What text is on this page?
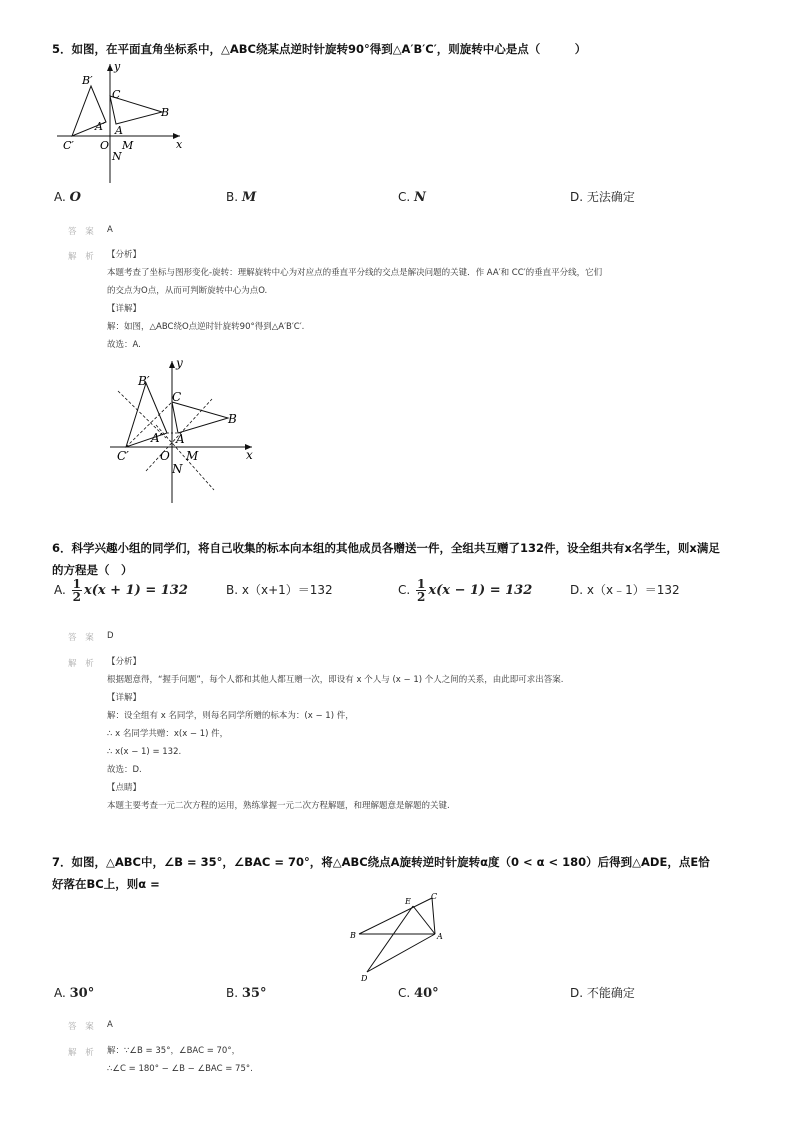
5．如图，在平面直角坐标系中，△ABC绕某点逆时针旋转90°得到△A′B′C′，则旋转中心是点（　　　）
y
x
B′
C
B
A′ A
C′ O M
N
A. O	B. M	C. N	D. 无法确定
答 案 A
解 析 【分析】
本题考查了坐标与图形变化-旋转：理解旋转中心为对应点的垂直平分线的交点是解决问题的关键．作 AA′和 CC′的垂直平分线，它们
的交点为O点，从而可判断旋转中心为点O.
【详解】
解：如图，△ABC绕O点逆时针旋转90°得到△A′B′C′.
故选：A.
y
x
B′
C
B
A′ A
C′	O M
N
6．科学兴趣小组的同学们，将自己收集的标本向本组的其他成员各赠送一件，全组共互赠了132件，设全组共有x名学生，则x满足
的方程是（　）
A. $\frac{1}{2} x(x + 1) = 132$	B. x（x+1）＝132	C. $\frac{1}{2} x(x - 1) = 132$	D. x（x﹣1）＝132
答 案 D
解 析 【分析】
根据题意得，“握手问题”，每个人都和其他人都互赠一次，即设有 x 个人与 (x − 1) 个人之间的关系，由此即可求出答案.
【详解】
解：设全组有 x 名同学，则每名同学所赠的标本为：(x − 1) 件，
∴ x 名同学共赠：x(x − 1) 件，
∴ x(x − 1) = 132.
故选：D.
【点睛】
本题主要考查一元二次方程的运用，熟练掌握一元二次方程解题，和理解题意是解题的关键.
7．如图，△ABC中，∠B = 35°，∠BAC = 70°，将△ABC绕点A旋转逆时针旋转α度（0 < α < 180）后得到△ADE，点E恰
好落在BC上，则α =
E
C
B	A
D
A. 30°	B. 35°	C. 40°	D. 不能确定
答 案 A
解 析 解：∵∠B = 35°，∠BAC = 70°，
∴∠C = 180° − ∠B − ∠BAC = 75°.
